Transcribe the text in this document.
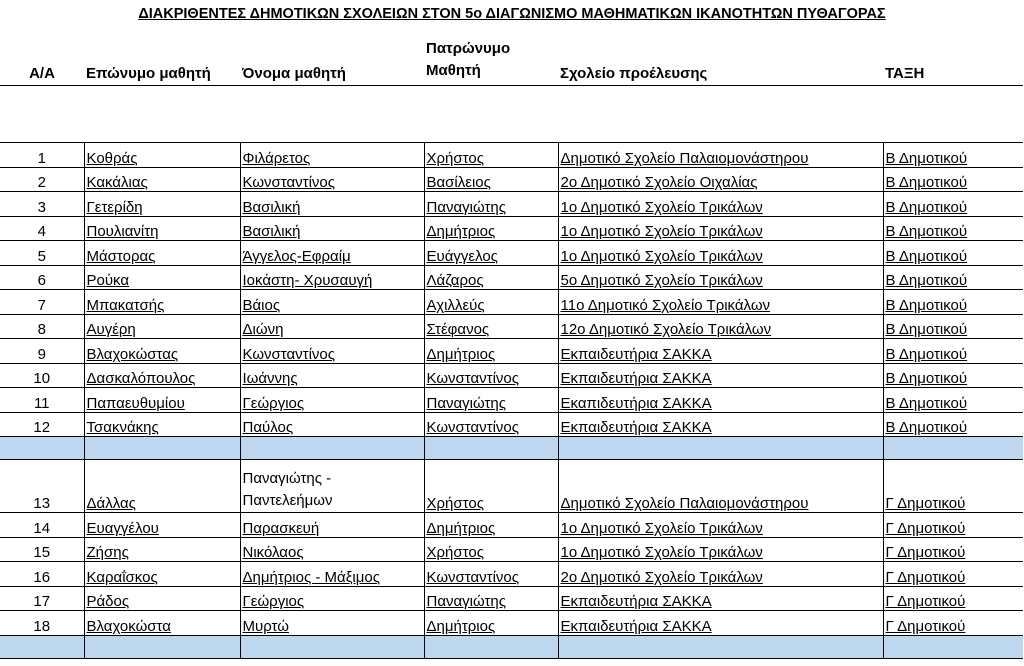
ΔΙΑΚΡΙΘΕΝΤΕΣ ΔΗΜΟΤΙΚΩΝ ΣΧΟΛΕΙΩΝ ΣΤΟΝ 5ο ΔΙΑΓΩΝΙΣΜΟ ΜΑΘΗΜΑΤΙΚΩΝ ΙΚΑΝΟΤΗΤΩΝ ΠΥΘΑΓΟΡΑΣ
Α/Α	Επώνυμο μαθητή	Όνομα μαθητή	Πατρώνυμο Μαθητή	Σχολείο προέλευσης	ΤΑΞΗ

1	Κοθράς	Φιλάρετος	Χρήστος	Δημοτικό Σχολείο Παλαιομονάστηρου	Β Δημοτικού
2	Κακάλιας	Κωνσταντίνος	Βασίλειος	2ο Δημοτικό Σχολείο Οιχαλίας	Β Δημοτικού
3	Γετερίδη	Βασιλική	Παναγιώτης	1ο Δημοτικό Σχολείο Τρικάλων	Β Δημοτικού
4	Πουλιανίτη	Βασιλική	Δημήτριος	1ο Δημοτικό Σχολείο Τρικάλων	Β Δημοτικού
5	Μάστορας	Άγγελος-Εφραίμ	Ευάγγελος	1ο Δημοτικό Σχολείο Τρικάλων	Β Δημοτικού
6	Ρούκα	Ιοκάστη- Χρυσαυγή	Λάζαρος	5ο Δημοτικό Σχολείο Τρικάλων	Β Δημοτικού
7	Μπακατσής	Βάιος	Αχιλλεύς	11ο Δημοτικό Σχολείο Τρικάλων	Β Δημοτικού
8	Αυγέρη	Διώνη	Στέφανος	12ο Δημοτικό Σχολείο Τρικάλων	Β Δημοτικού
9	Βλαχοκώστας	Κωνσταντίνος	Δημήτριος	Εκπαιδευτήρια ΣΑΚΚΑ	Β Δημοτικού
10	Δασκαλόπουλος	Ιωάννης	Κωνσταντίνος	Εκπαιδευτήρια ΣΑΚΚΑ	Β Δημοτικού
11	Παπαευθυμίου	Γεώργιος	Παναγιώτης	Εκαπιδευτήρια ΣΑΚΚΑ	Β Δημοτικού
12	Τσακνάκης	Παύλος	Κωνσταντίνος	Εκπαιδευτήρια ΣΑΚΚΑ	Β Δημοτικού

13	Δάλλας	Παναγιώτης -
Παντελεήμων	Χρήστος	Δημοτικό Σχολείο Παλαιομονάστηρου	Γ Δημοτικού
14	Ευαγγέλου	Παρασκευή	Δημήτριος	1ο Δημοτικό Σχολείο Τρικάλων	Γ Δημοτικού
15	Ζήσης	Νικόλαος	Χρήστος	1ο Δημοτικό Σχολείο Τρικάλων	Γ Δημοτικού
16	Καραΐσκος	Δημήτριος - Μάξιμος	Κωνσταντίνος	2ο Δημοτικό Σχολείο Τρικάλων	Γ Δημοτικού
17	Ράδος	Γεώργιος	Παναγιώτης	Εκπαιδευτήρια ΣΑΚΚΑ	Γ Δημοτικού
18	Βλαχοκώστα	Μυρτώ	Δημήτριος	Εκπαιδευτήρια ΣΑΚΚΑ	Γ Δημοτικού
